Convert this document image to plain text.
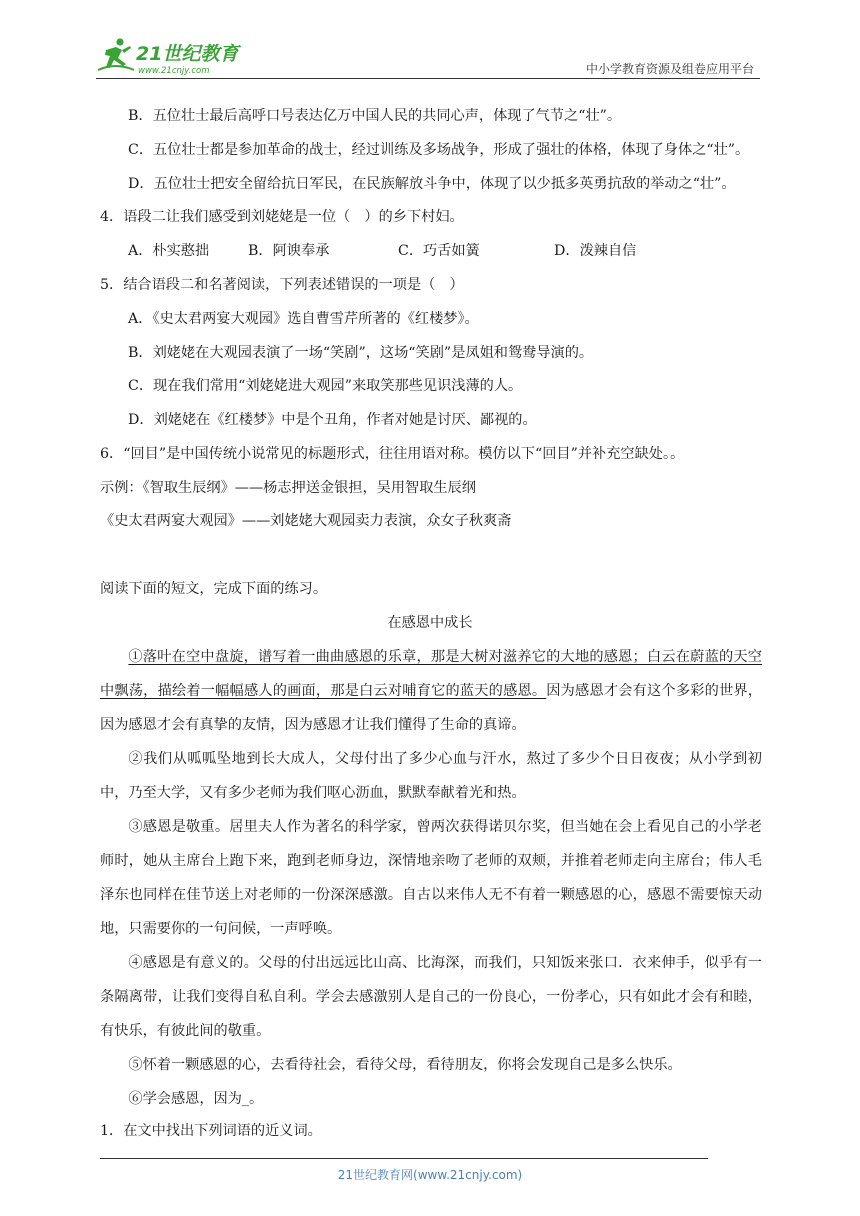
21世纪教育
www.21cnjy.com	中小学教育资源及组卷应用平台
B．五位壮士最后高呼口号表达亿万中国人民的共同心声，体现了气节之“壮”。
C．五位壮士都是参加革命的战士，经过训练及多场战争，形成了强壮的体格，体现了身体之“壮”。
D．五位壮士把安全留给抗日军民，在民族解放斗争中，体现了以少抵多英勇抗敌的举动之“壮”。
4．语段二让我们感受到刘姥姥是一位（　）的乡下村妇。
A．朴实憨拙	B．阿谀奉承	C．巧舌如簧	D．泼辣自信
5．结合语段二和名著阅读，下列表述错误的一项是（　）
A．《史太君两宴大观园》选自曹雪芹所著的《红楼梦》。
B．刘姥姥在大观园表演了一场“笑剧”，这场“笑剧”是凤姐和鸳鸯导演的。
C．现在我们常用“刘姥姥进大观园”来取笑那些见识浅薄的人。
D．刘姥姥在《红楼梦》中是个丑角，作者对她是讨厌、鄙视的。
6．“回目”是中国传统小说常见的标题形式，往往用语对称。模仿以下“回目”并补充空缺处。。
示例：《智取生辰纲》——杨志押送金银担，吴用智取生辰纲
《史太君两宴大观园》——刘姥姥大观园卖力表演，众女子秋爽斋
阅读下面的短文，完成下面的练习。
在感恩中成长
①落叶在空中盘旋，谱写着一曲曲感恩的乐章，那是大树对滋养它的大地的感恩；白云在蔚蓝的天空中飘荡，描绘着一幅幅感人的画面，那是白云对哺育它的蓝天的感恩。因为感恩才会有这个多彩的世界，因为感恩才会有真挚的友情，因为感恩才让我们懂得了生命的真谛。
②我们从呱呱坠地到长大成人，父母付出了多少心血与汗水，熬过了多少个日日夜夜；从小学到初中，乃至大学，又有多少老师为我们呕心沥血，默默奉献着光和热。
③感恩是敬重。居里夫人作为著名的科学家，曾两次获得诺贝尔奖，但当她在会上看见自己的小学老师时，她从主席台上跑下来，跑到老师身边，深情地亲吻了老师的双颊，并推着老师走向主席台；伟人毛泽东也同样在佳节送上对老师的一份深深感激。自古以来伟人无不有着一颗感恩的心，感恩不需要惊天动地，只需要你的一句问候，一声呼唤。
④感恩是有意义的。父母的付出远远比山高、比海深，而我们，只知饭来张口．衣来伸手，似乎有一条隔离带，让我们变得自私自利。学会去感激别人是自己的一份良心，一份孝心，只有如此才会有和睦，有快乐，有彼此间的敬重。
⑤怀着一颗感恩的心，去看待社会，看待父母，看待朋友，你将会发现自己是多么快乐。
⑥学会感恩，因为_。
1．在文中找出下列词语的近义词。
21世纪教育网(www.21cnjy.com)
